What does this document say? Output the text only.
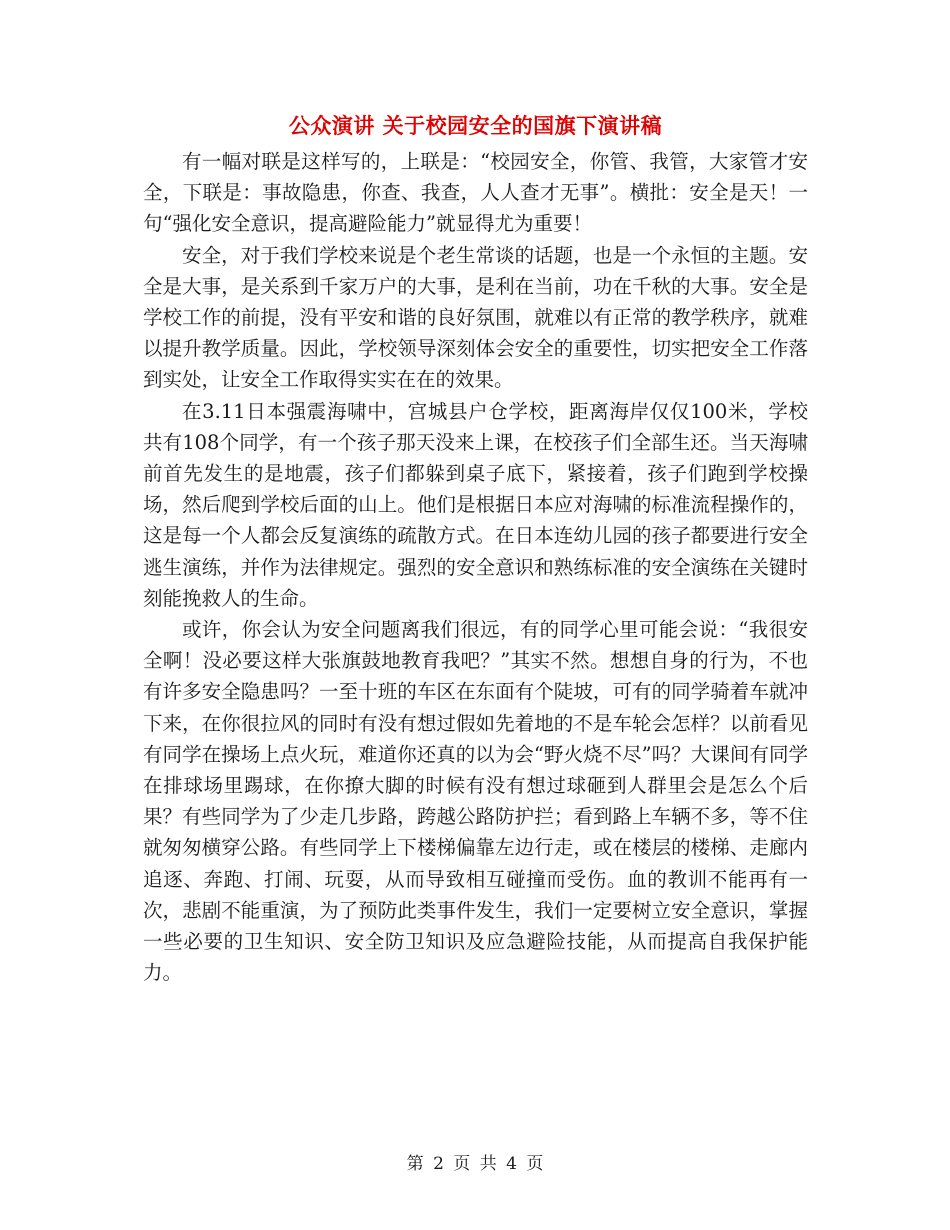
公众演讲 关于校园安全的国旗下演讲稿

有一幅对联是这样写的，上联是：“校园安全，你管、我管，大家管才安全，下联是：事故隐患，你查、我查，人人查才无事”。横批：安全是天！一句“强化安全意识，提高避险能力”就显得尤为重要！

安全，对于我们学校来说是个老生常谈的话题，也是一个永恒的主题。安全是大事，是关系到千家万户的大事，是利在当前，功在千秋的大事。安全是学校工作的前提，没有平安和谐的良好氛围，就难以有正常的教学秩序，就难以提升教学质量。因此，学校领导深刻体会安全的重要性，切实把安全工作落到实处，让安全工作取得实实在在的效果。

在3.11日本强震海啸中，宫城县户仓学校，距离海岸仅仅100米，学校共有108个同学，有一个孩子那天没来上课，在校孩子们全部生还。当天海啸前首先发生的是地震，孩子们都躲到桌子底下，紧接着，孩子们跑到学校操场，然后爬到学校后面的山上。他们是根据日本应对海啸的标准流程操作的，这是每一个人都会反复演练的疏散方式。在日本连幼儿园的孩子都要进行安全逃生演练，并作为法律规定。强烈的安全意识和熟练标准的安全演练在关键时刻能挽救人的生命。

或许，你会认为安全问题离我们很远，有的同学心里可能会说：“我很安全啊！没必要这样大张旗鼓地教育我吧？”其实不然。想想自身的行为，不也有许多安全隐患吗？一至十班的车区在东面有个陡坡，可有的同学骑着车就冲下来，在你很拉风的同时有没有想过假如先着地的不是车轮会怎样？以前看见有同学在操场上点火玩，难道你还真的以为会“野火烧不尽”吗？大课间有同学在排球场里踢球，在你撩大脚的时候有没有想过球砸到人群里会是怎么个后果？有些同学为了少走几步路，跨越公路防护拦；看到路上车辆不多，等不住就匆匆横穿公路。有些同学上下楼梯偏靠左边行走，或在楼层的楼梯、走廊内追逐、奔跑、打闹、玩耍，从而导致相互碰撞而受伤。血的教训不能再有一次，悲剧不能重演，为了预防此类事件发生，我们一定要树立安全意识，掌握一些必要的卫生知识、安全防卫知识及应急避险技能，从而提高自我保护能力。

第 2 页 共 4 页
